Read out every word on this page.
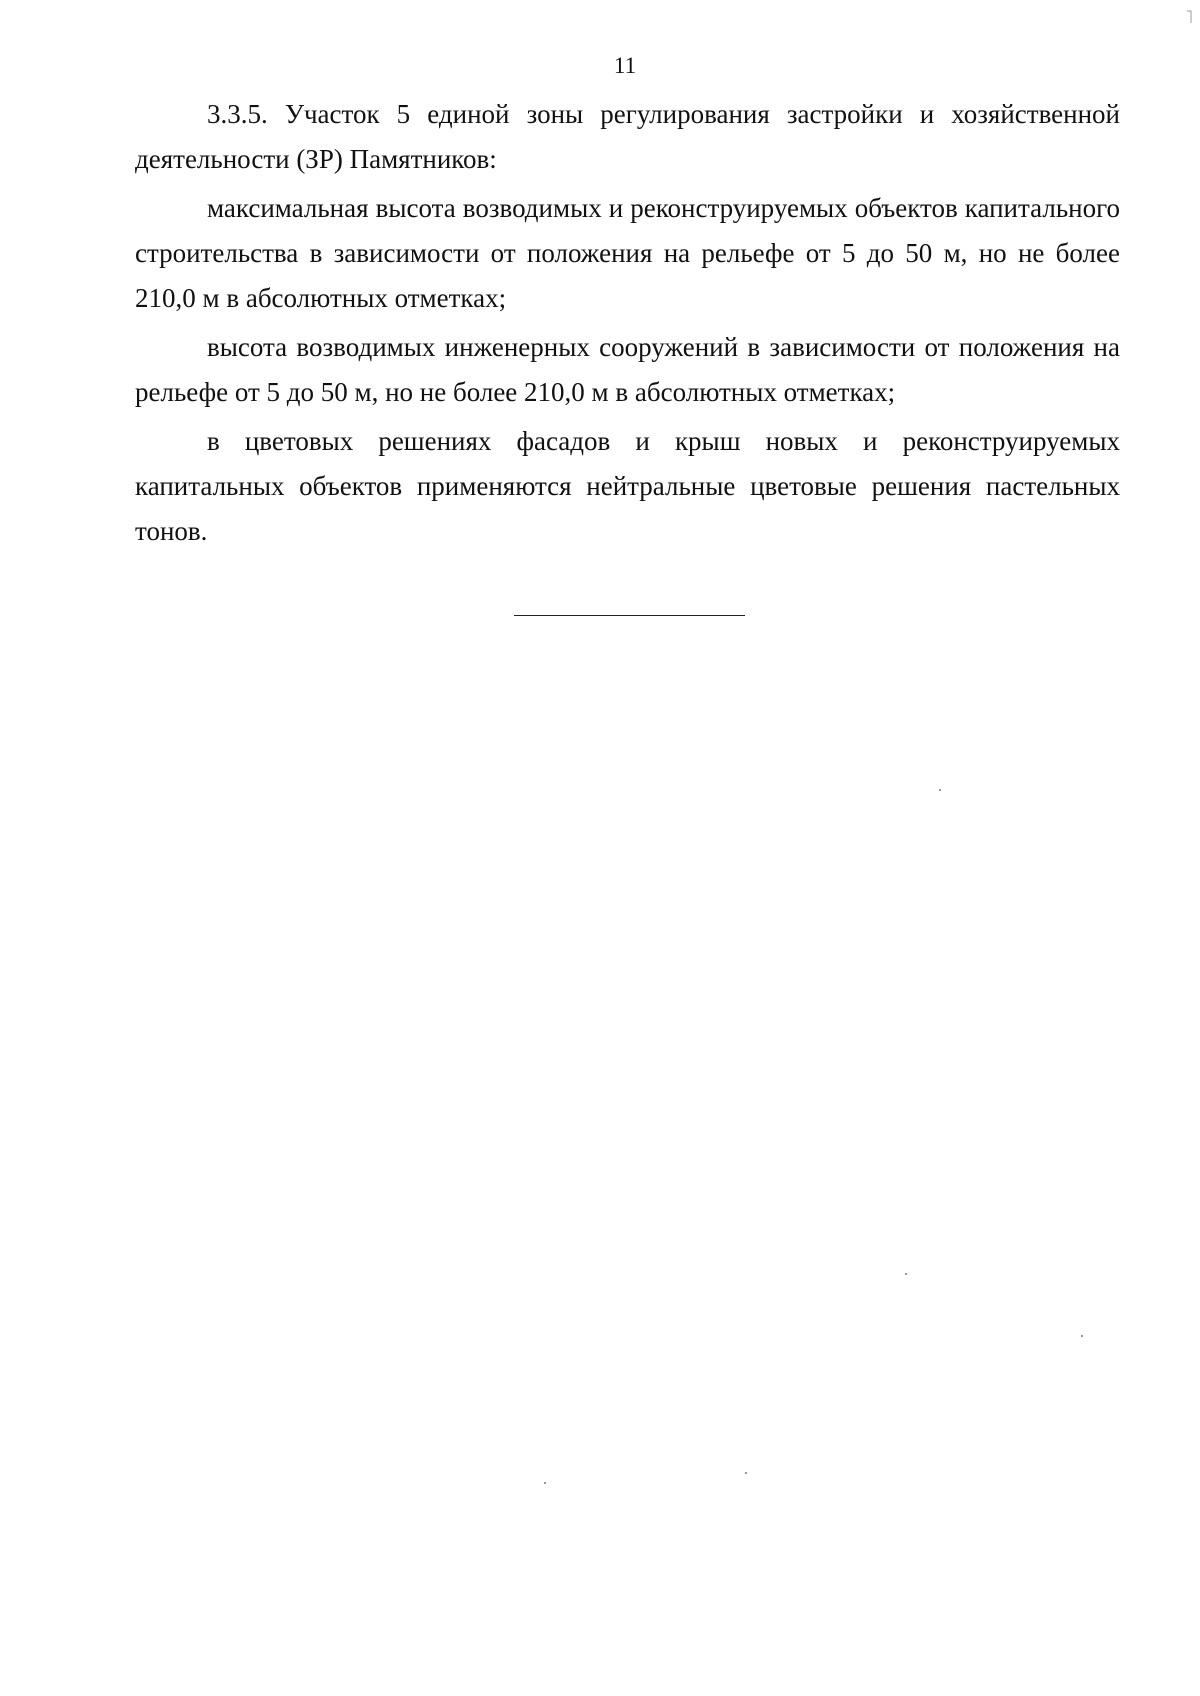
11

3.3.5. Участок 5 единой зоны регулирования застройки и хозяйственной деятельности (ЗР) Памятников:

максимальная высота возводимых и реконструируемых объектов капитального строительства в зависимости от положения на рельефе от 5 до 50 м, но не более 210,0 м в абсолютных отметках;

высота возводимых инженерных сооружений в зависимости от положения на рельефе от 5 до 50 м, но не более 210,0 м в абсолютных отметках;

в цветовых решениях фасадов и крыш новых и реконструируемых капитальных объектов применяются нейтральные цветовые решения пастельных тонов.
